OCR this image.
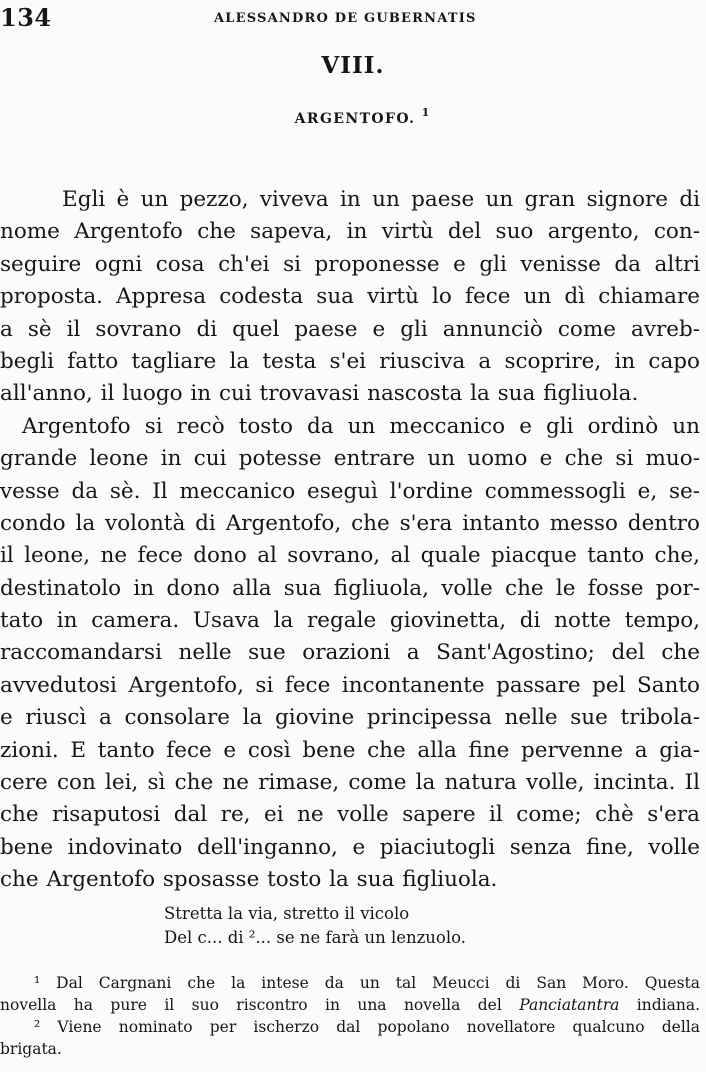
134	ALESSANDRO DE GUBERNATIS
VIII.
ARGENTOFO. $^1$
Egli è un pezzo, viveva in un paese un gran signore di
nome Argentofo che sapeva, in virtù del suo argento, con-
seguire ogni cosa ch'ei si proponesse e gli venisse da altri
proposta. Appresa codesta sua virtù lo fece un dì chiamare
a sè il sovrano di quel paese e gli annunciò come avreb-
begli fatto tagliare la testa s'ei riusciva a scoprire, in capo
all'anno, il luogo in cui trovavasi nascosta la sua figliuola.
Argentofo si recò tosto da un meccanico e gli ordinò un
grande leone in cui potesse entrare un uomo e che si muo-
vesse da sè. Il meccanico eseguì l'ordine commessogli e, se-
condo la volontà di Argentofo, che s'era intanto messo dentro
il leone, ne fece dono al sovrano, al quale piacque tanto che,
destinatolo in dono alla sua figliuola, volle che le fosse por-
tato in camera. Usava la regale giovinetta, di notte tempo,
raccomandarsi nelle sue orazioni a Sant'Agostino; del che
avvedutosi Argentofo, si fece incontanente passare pel Santo
e riuscì a consolare la giovine principessa nelle sue tribola-
zioni. E tanto fece e così bene che alla fine pervenne a gia-
cere con lei, sì che ne rimase, come la natura volle, incinta. Il
che risaputosi dal re, ei ne volle sapere il come; chè s'era
bene indovinato dell'inganno, e piaciutogli senza fine, volle
che Argentofo sposasse tosto la sua figliuola.
Stretta la via, stretto il vicolo
Del c... di ²... se ne farà un lenzuolo.
¹ Dal Cargnani che la intese da un tal Meucci di San Moro. Questa
novella ha pure il suo riscontro in una novella del Panciatantra indiana.
² Viene nominato per ischerzo dal popolano novellatore qualcuno della
brigata.
